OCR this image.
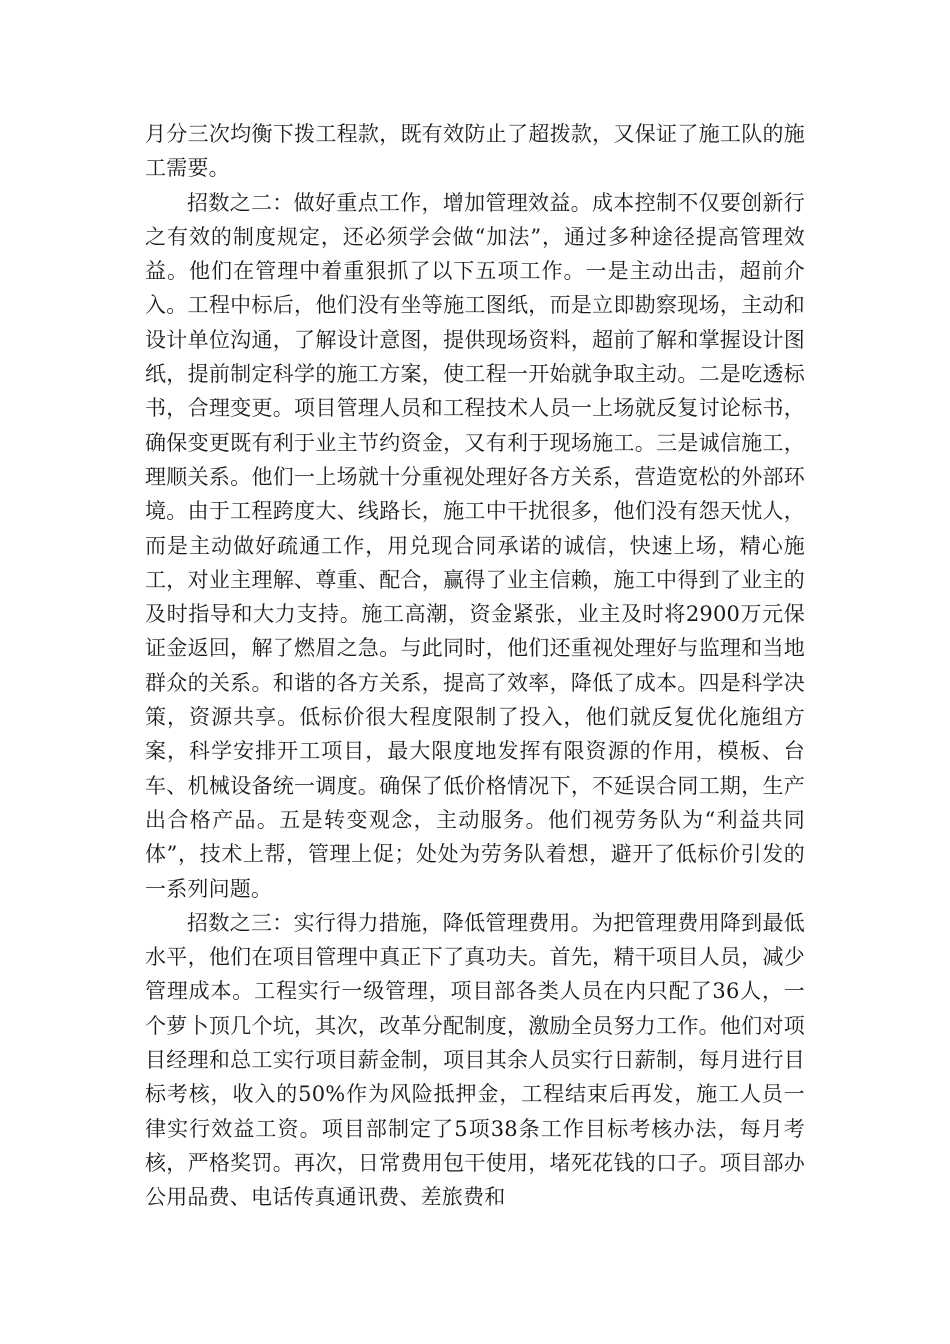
月分三次均衡下拨工程款，既有效防止了超拨款，又保证了施工队的施工需要。

招数之二：做好重点工作，增加管理效益。成本控制不仅要创新行之有效的制度规定，还必须学会做“加法”，通过多种途径提高管理效益。他们在管理中着重狠抓了以下五项工作。一是主动出击，超前介入。工程中标后，他们没有坐等施工图纸，而是立即勘察现场，主动和设计单位沟通，了解设计意图，提供现场资料，超前了解和掌握设计图纸，提前制定科学的施工方案，使工程一开始就争取主动。二是吃透标书，合理变更。项目管理人员和工程技术人员一上场就反复讨论标书，确保变更既有利于业主节约资金，又有利于现场施工。三是诚信施工，理顺关系。他们一上场就十分重视处理好各方关系，营造宽松的外部环境。由于工程跨度大、线路长，施工中干扰很多，他们没有怨天忧人，而是主动做好疏通工作，用兑现合同承诺的诚信，快速上场，精心施工，对业主理解、尊重、配合，赢得了业主信赖，施工中得到了业主的及时指导和大力支持。施工高潮，资金紧张，业主及时将2900万元保证金返回，解了燃眉之急。与此同时，他们还重视处理好与监理和当地群众的关系。和谐的各方关系，提高了效率，降低了成本。四是科学决策，资源共享。低标价很大程度限制了投入，他们就反复优化施组方案，科学安排开工项目，最大限度地发挥有限资源的作用，模板、台车、机械设备统一调度。确保了低价格情况下，不延误合同工期，生产出合格产品。五是转变观念，主动服务。他们视劳务队为“利益共同体”，技术上帮，管理上促；处处为劳务队着想，避开了低标价引发的一系列问题。

招数之三：实行得力措施，降低管理费用。为把管理费用降到最低水平，他们在项目管理中真正下了真功夫。首先，精干项目人员，减少管理成本。工程实行一级管理，项目部各类人员在内只配了36人，一个萝卜顶几个坑，其次，改革分配制度，激励全员努力工作。他们对项目经理和总工实行项目薪金制，项目其余人员实行日薪制，每月进行目标考核，收入的50%作为风险抵押金，工程结束后再发，施工人员一律实行效益工资。项目部制定了5项38条工作目标考核办法，每月考核，严格奖罚。再次，日常费用包干使用，堵死花钱的口子。项目部办公用品费、电话传真通讯费、差旅费和
